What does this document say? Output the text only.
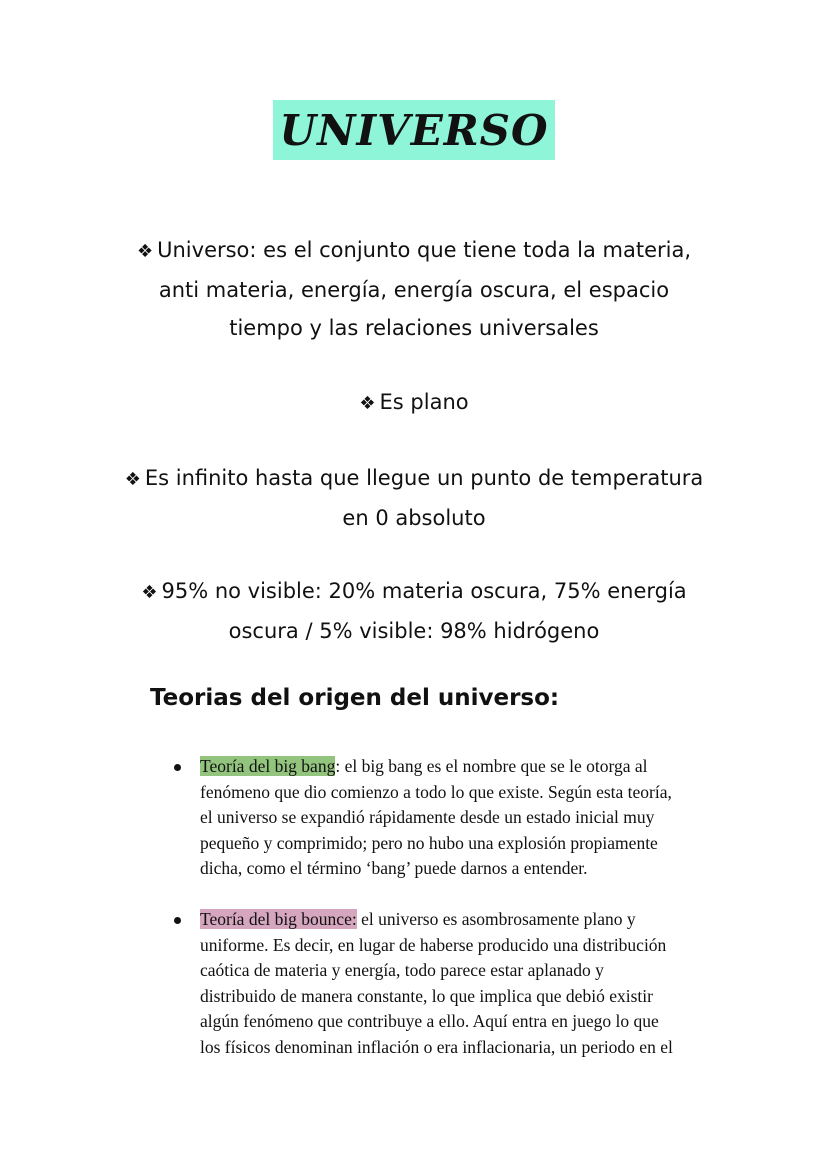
UNIVERSO
❖ Universo: es el conjunto que tiene toda la materia,
anti materia, energía, energía oscura, el espacio
tiempo y las relaciones universales
❖ Es plano
❖ Es infinito hasta que llegue un punto de temperatura
en 0 absoluto
❖ 95% no visible: 20% materia oscura, 75% energía
oscura / 5% visible: 98% hidrógeno
Teorias del origen del universo:
Teoría del big bang: el big bang es el nombre que se le otorga al
fenómeno que dio comienzo a todo lo que existe. Según esta teoría,
el universo se expandió rápidamente desde un estado inicial muy
pequeño y comprimido; pero no hubo una explosión propiamente
dicha, como el término ‘bang’ puede darnos a entender.
Teoría del big bounce: el universo es asombrosamente plano y
uniforme. Es decir, en lugar de haberse producido una distribución
caótica de materia y energía, todo parece estar aplanado y
distribuido de manera constante, lo que implica que debió existir
algún fenómeno que contribuye a ello. Aquí entra en juego lo que
los físicos denominan inflación o era inflacionaria, un periodo en el
